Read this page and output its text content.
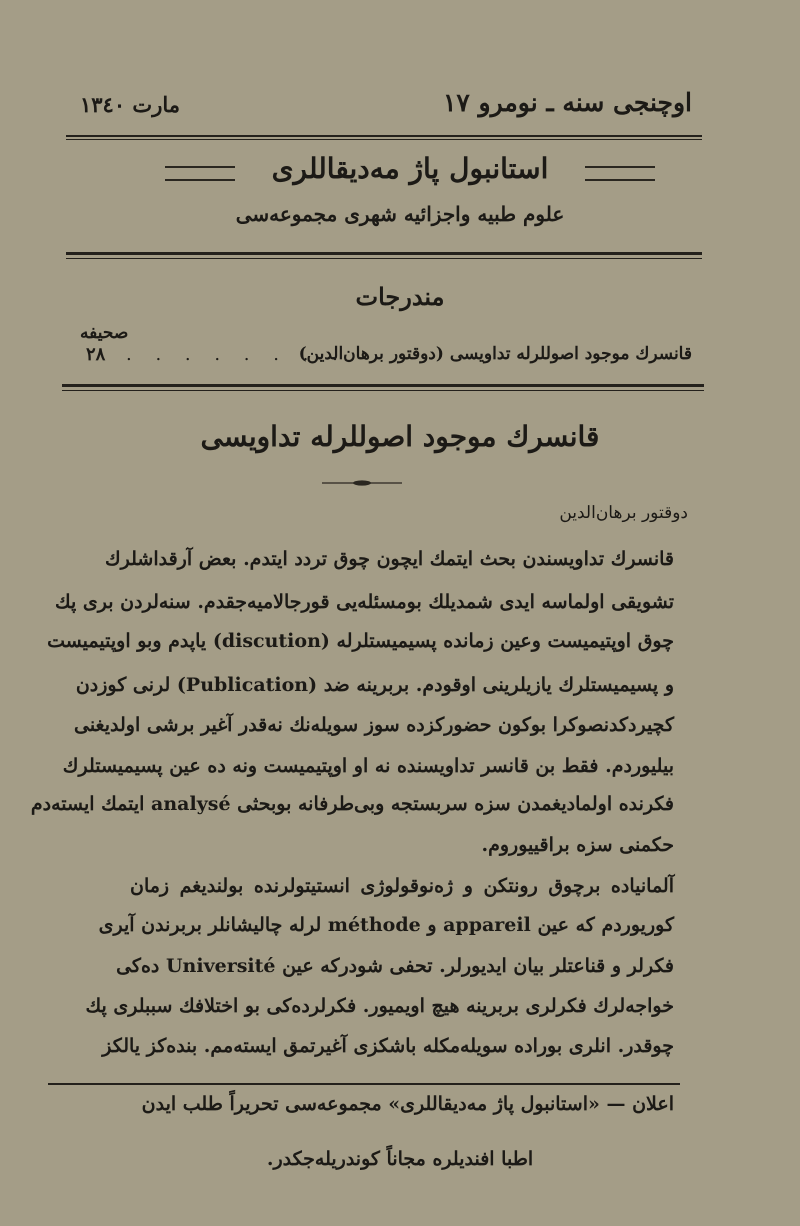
اوچنجی سنه ـ نومرو ١٧
مارت ١٣٤٠
استانبول پاژ مه‌دیقاللری
علوم طبیه واجزائیه شهری مجموعه‌سی
مندرجات
صحیفه
٢٨ . . . . . . . .
قانسرك موجود اصوللرله تداویسی (دوقتور برهان‌الدین)
قانسرك موجود اصوللرله تداویسی
دوقتور برهان‌الدین
قانسرك تداویسندن بحث ایتمك ایچون چوق تردد ایتدم. بعض آرقداشلرك
تشویقی اولماسه ایدی شمدیلك بومسئله‌یی قورجالامیه‌جقدم. سنه‌لردن بری پك
چوق اوپتیمیست وعین زمانده پسیمیستلرله (discution) یاپدم وبو اوپتیمیست
و پسیمیستلرك یازیلرینی اوقودم. بربرینه ضد (Publication) لرنی کوزدن
کچیردکدنصوکرا بوکون حضورکزده سوز سویله‌نك نه‌قدر آغیر برشی اولدیغنی
بیلیوردم. فقط بن قانسر تداویسنده نه او اوپتیمیست ونه ده عین پسیمیستلرك
فکرنده اولمادیغمدن سزه سربستجه وبی‌طرفانه بوبحثی analysé ایتمك ایسته‌دم
حکمنی سزه براقییوروم.
آلمانیاده برچوق رونتکن و ژه‌نوقولوژی انستیتولرنده بولندیغم زمان
کوریوردم که عین appareil و méthode لرله چالیشانلر بربرندن آیری
فکرلر و قناعتلر بیان ایدیورلر. تحفی شودرکه عین Université ده‌کی
خواجه‌لرك فکرلری بربرینه هیچ اویمیور. فکرلرده‌کی بو اختلافك سببلری پك
چوقدر. انلری بوراده سویله‌مکله باشکزی آغیرتمق ایسته‌مم. بنده‌کز یالکز
اعلان — «استانبول پاژ مه‌دیقاللری» مجموعه‌سی تحریراً طلب ایدن
اطبا افندیلره مجاناً کوندریله‌جکدر.
